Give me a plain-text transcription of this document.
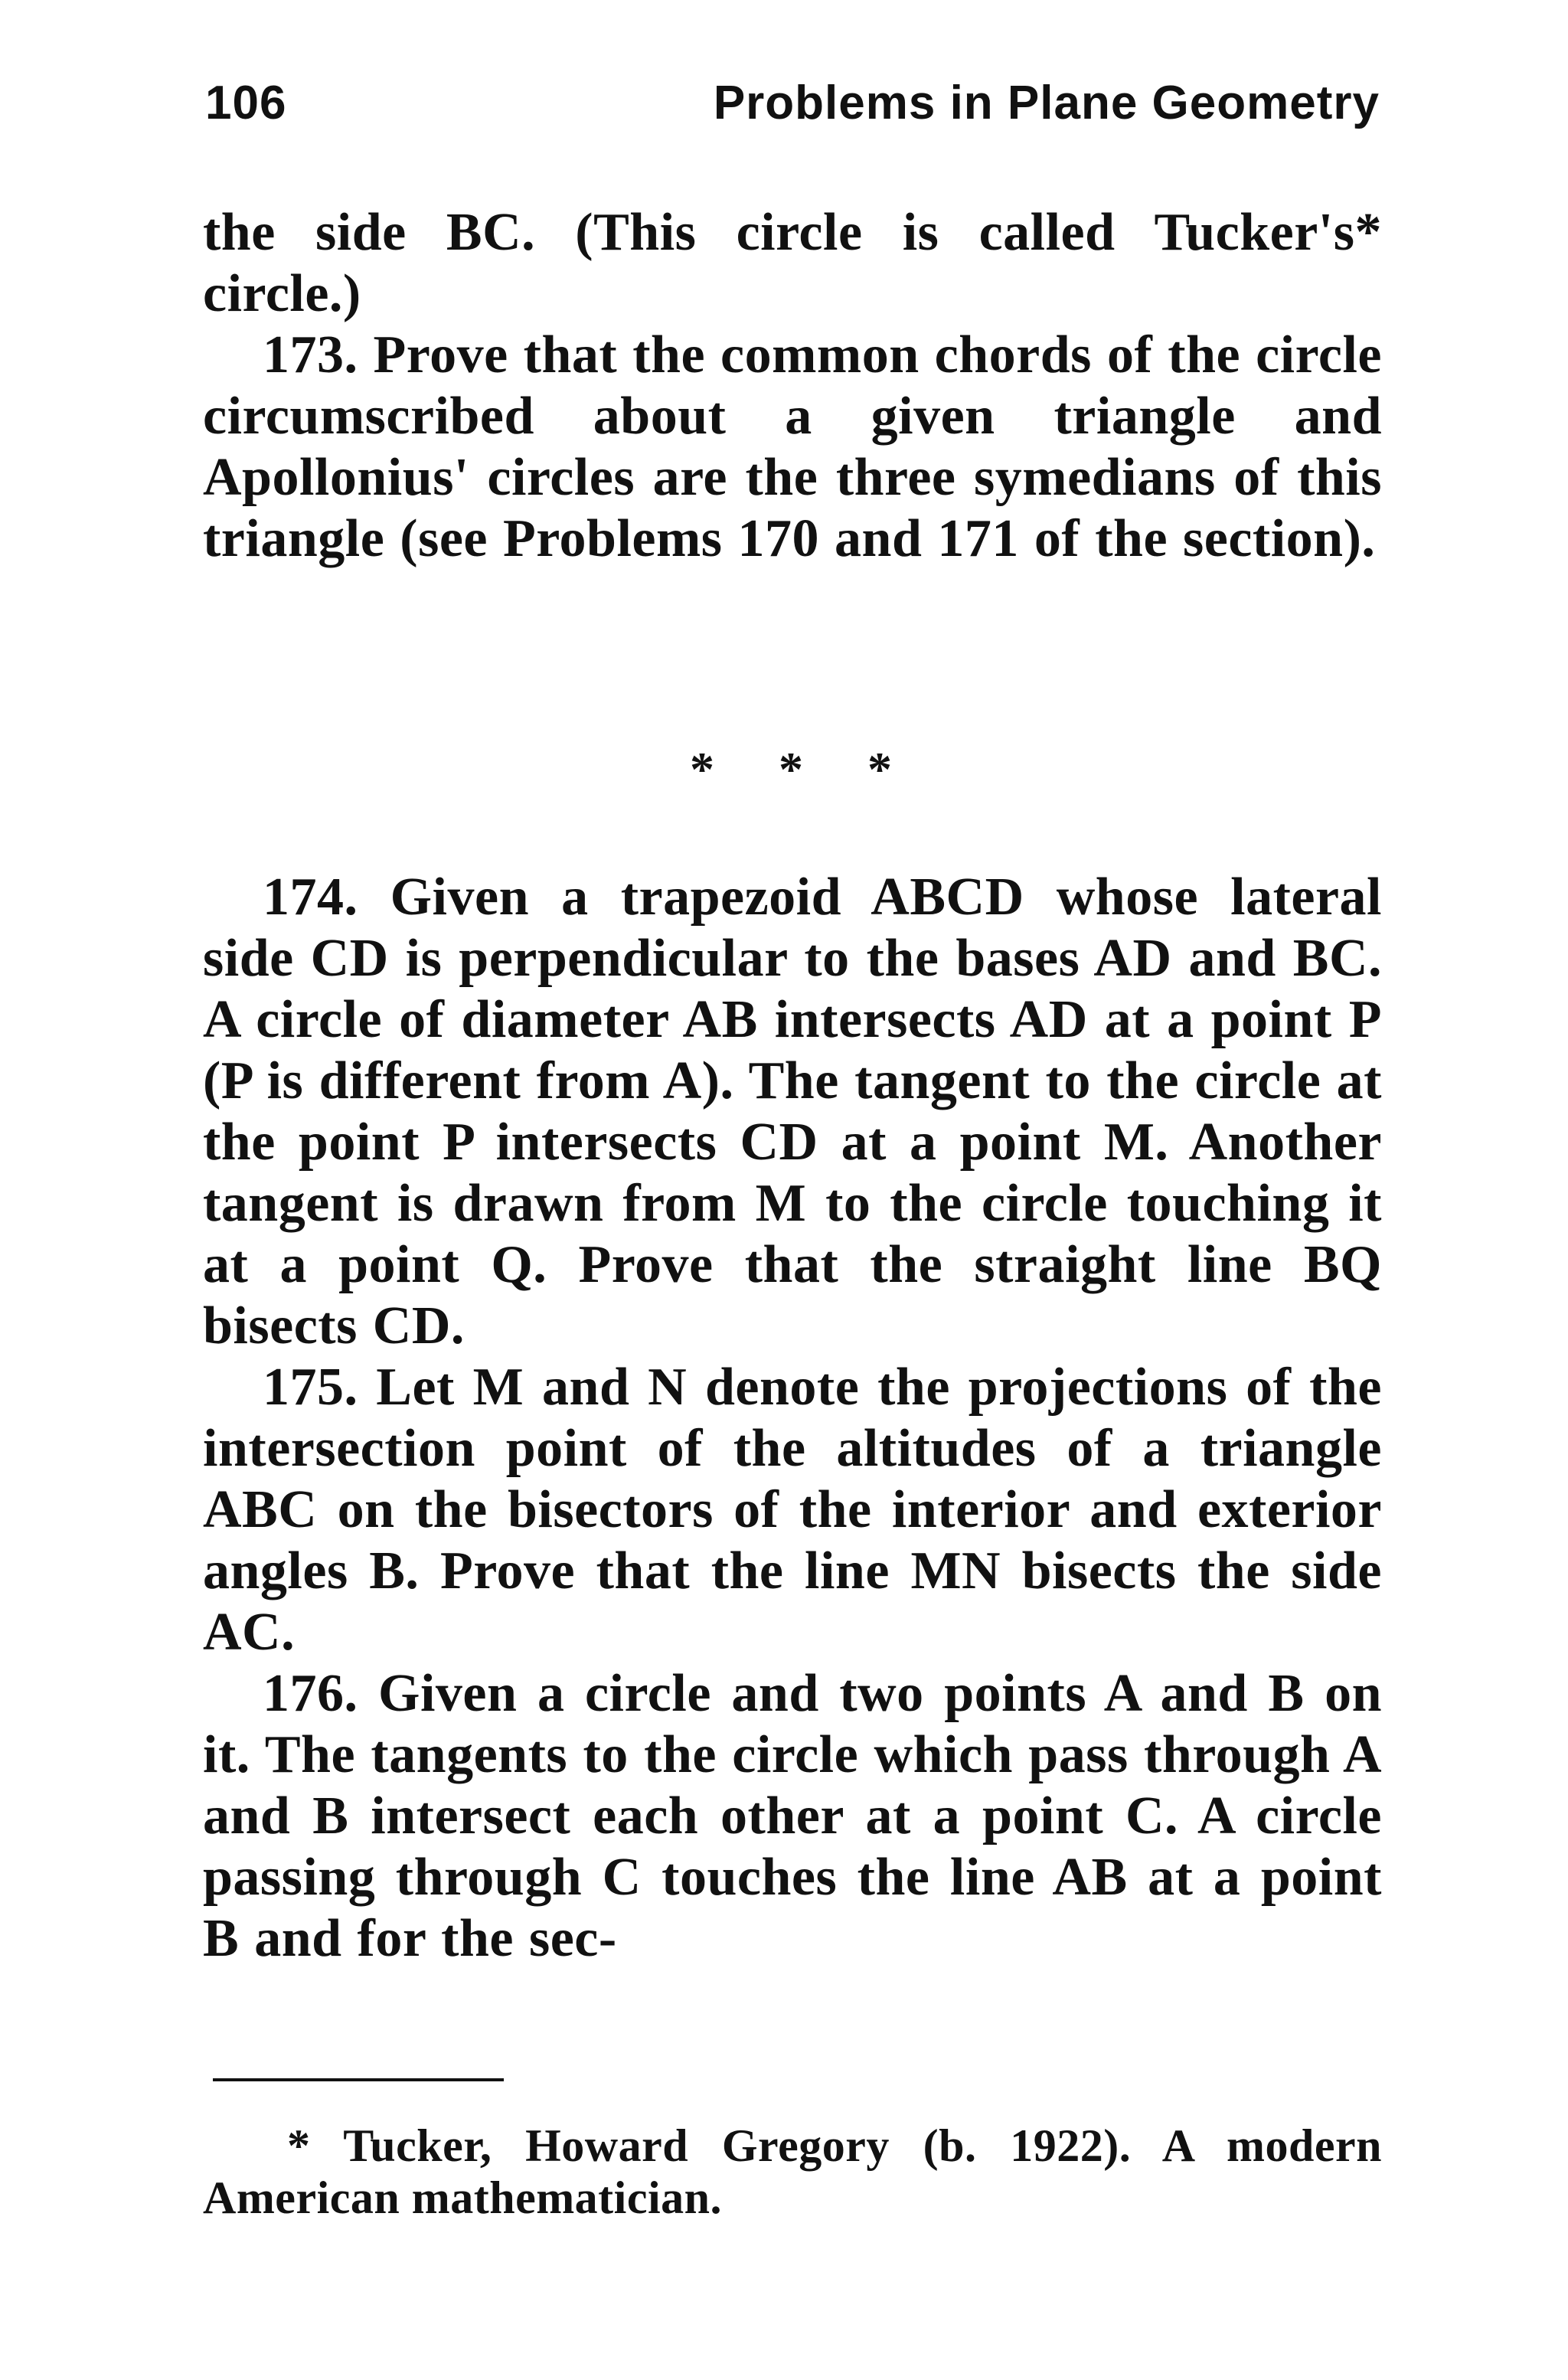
106	Problems in Plane Geometry

the side BC. (This circle is called Tucker's* circle.)

173. Prove that the common chords of the circle circumscribed about a given triangle and Apollonius' circles are the three symedians of this triangle (see Problems 170 and 171 of the section).

* * *

174. Given a trapezoid ABCD whose lateral side CD is perpendicular to the bases AD and BC. A circle of diameter AB intersects AD at a point P (P is different from A). The tangent to the circle at the point P intersects CD at a point M. Another tangent is drawn from M to the circle touching it at a point Q. Prove that the straight line BQ bisects CD.

175. Let M and N denote the projections of the intersection point of the altitudes of a triangle ABC on the bisectors of the interior and exterior angles B. Prove that the line MN bisects the side AC.

176. Given a circle and two points A and B on it. The tangents to the circle which pass through A and B intersect each other at a point C. A circle passing through C touches the line AB at a point B and for the sec-

* Tucker, Howard Gregory (b. 1922). A modern American mathematician.
